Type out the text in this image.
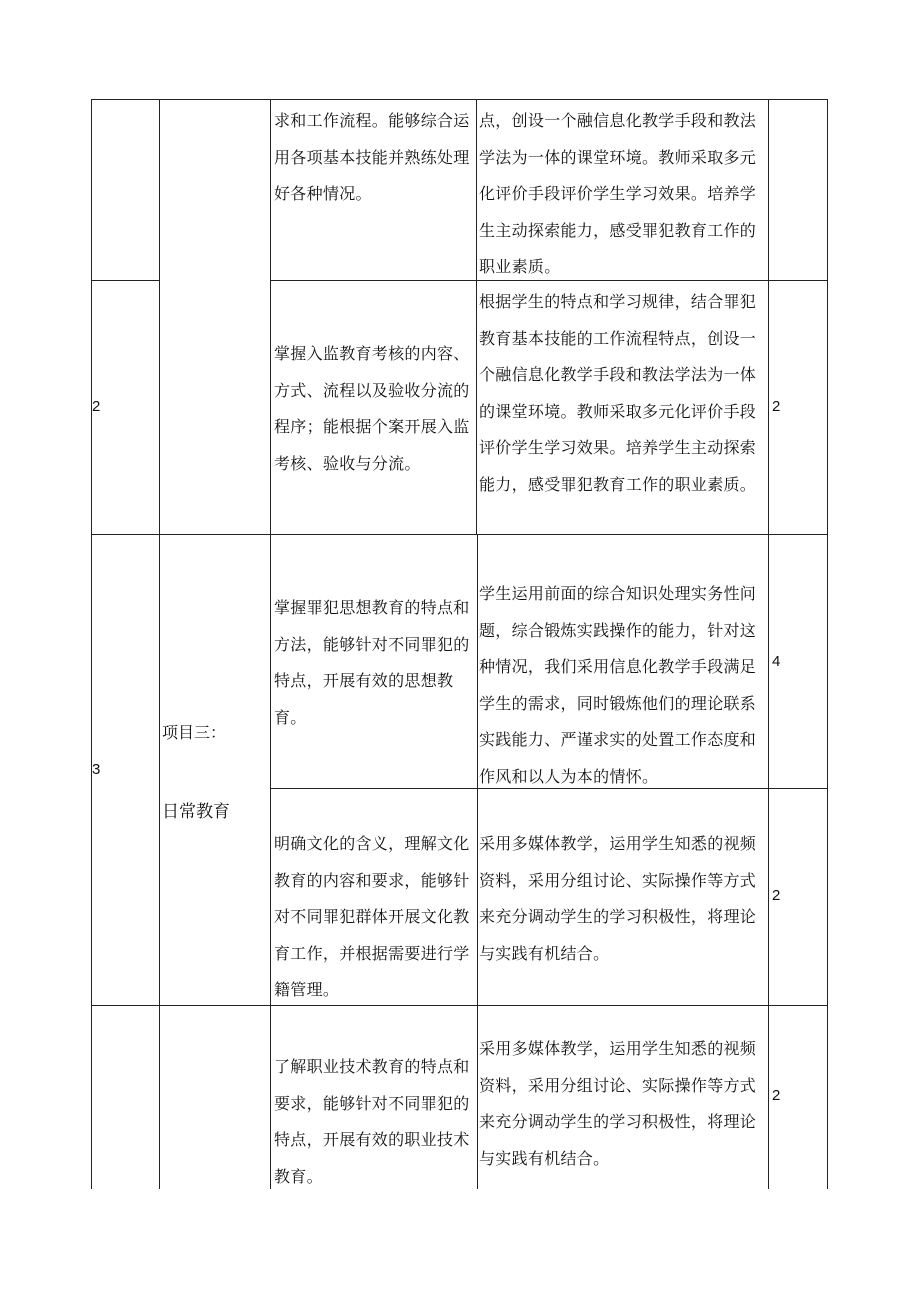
求和工作流程。能够综合运用各项基本技能并熟练处理好各种情况。

点，创设一个融信息化教学手段和教法学法为一体的课堂环境。教师采取多元化评价手段评价学生学习效果。培养学生主动探索能力，感受罪犯教育工作的职业素质。

2

掌握入监教育考核的内容、方式、流程以及验收分流的程序；能根据个案开展入监考核、验收与分流。

根据学生的特点和学习规律，结合罪犯教育基本技能的工作流程特点，创设一个融信息化教学手段和教法学法为一体的课堂环境。教师采取多元化评价手段评价学生学习效果。培养学生主动探索能力，感受罪犯教育工作的职业素质。

2
3
项目三：
日常教育

掌握罪犯思想教育的特点和方法，能够针对不同罪犯的特点，开展有效的思想教育。

学生运用前面的综合知识处理实务性问题，综合锻炼实践操作的能力，针对这种情况，我们采用信息化教学手段满足学生的需求，同时锻炼他们的理论联系实践能力、严谨求实的处置工作态度和作风和以人为本的情怀。

4

明确文化的含义，理解文化教育的内容和要求，能够针对不同罪犯群体开展文化教育工作，并根据需要进行学籍管理。

采用多媒体教学，运用学生知悉的视频资料，采用分组讨论、实际操作等方式来充分调动学生的学习积极性，将理论与实践有机结合。

2

了解职业技术教育的特点和要求，能够针对不同罪犯的特点，开展有效的职业技术教育。

采用多媒体教学，运用学生知悉的视频资料，采用分组讨论、实际操作等方式来充分调动学生的学习积极性，将理论与实践有机结合。

2
